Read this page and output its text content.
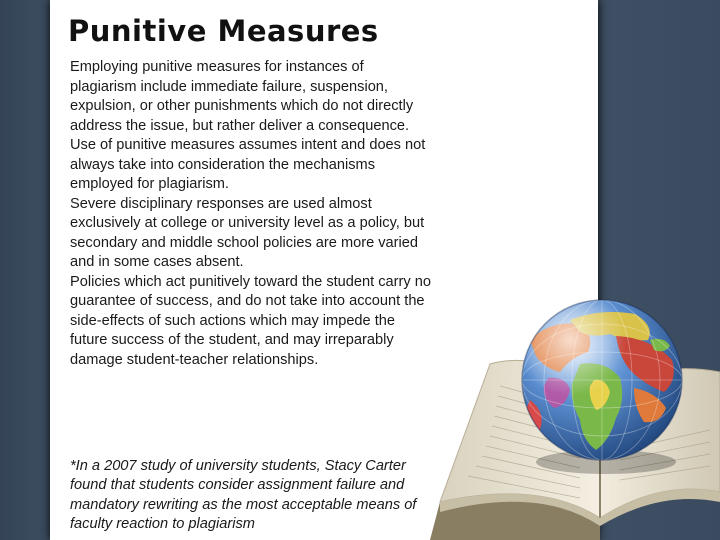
Punitive Measures

Employing punitive measures for instances of plagiarism include immediate failure, suspension, expulsion, or other punishments which do not directly address the issue, but rather deliver a consequence.

Use of punitive measures assumes intent and does not always take into consideration the mechanisms employed for plagiarism.

Severe disciplinary responses are used almost exclusively at college or university level as a policy, but secondary and middle school policies are more varied and in some cases absent.

Policies which act punitively toward the student carry no guarantee of success, and do not take into account the side-effects of such actions which may impede the future success of the student, and may irreparably damage student-teacher relationships.

*In a 2007 study of university students, Stacy Carter found that students consider assignment failure and mandatory rewriting as the most acceptable means of faculty reaction to plagiarism
